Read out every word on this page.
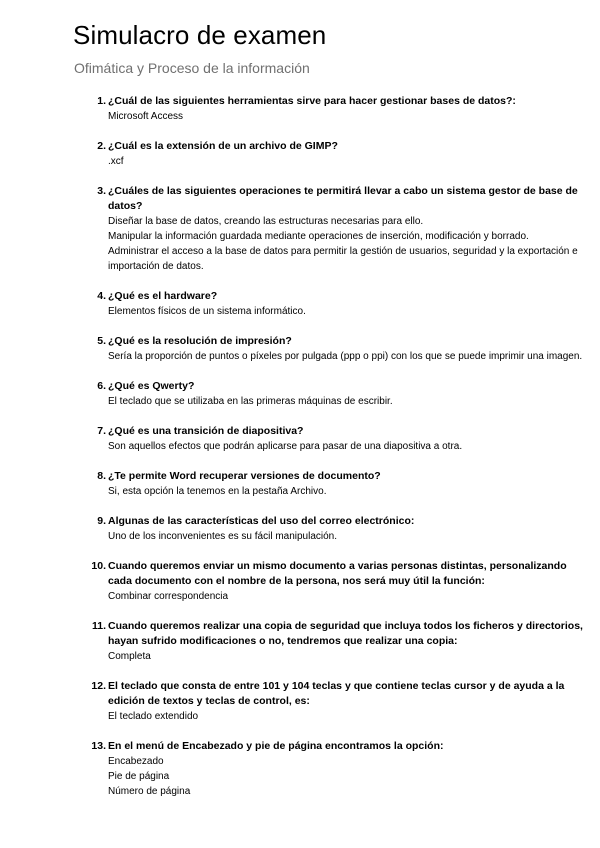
Simulacro de examen
Ofimática y Proceso de la información
1. ¿Cuál de las siguientes herramientas sirve para hacer gestionar bases de datos?:

Microsoft Access

2. ¿Cuál es la extensión de un archivo de GIMP?

.xcf

3. ¿Cuáles de las siguientes operaciones te permitirá llevar a cabo un sistema gestor de base de datos?

Diseñar la base de datos, creando las estructuras necesarias para ello.

Manipular la información guardada mediante operaciones de inserción, modificación y borrado.

Administrar el acceso a la base de datos para permitir la gestión de usuarios, seguridad y la exportación e importación de datos.

4. ¿Qué es el hardware?

Elementos físicos de un sistema informático.

5. ¿Qué es la resolución de impresión?

Sería la proporción de puntos o píxeles por pulgada (ppp o ppi) con los que se puede imprimir una imagen.

6. ¿Qué es Qwerty?

El teclado que se utilizaba en las primeras máquinas de escribir.

7. ¿Qué es una transición de diapositiva?

Son aquellos efectos que podrán aplicarse para pasar de una diapositiva a otra.

8. ¿Te permite Word recuperar versiones de documento?

Si, esta opción la tenemos en la pestaña Archivo.

9. Algunas de las características del uso del correo electrónico:

Uno de los inconvenientes es su fácil manipulación.

10. Cuando queremos enviar un mismo documento a varias personas distintas, personalizando cada documento con el nombre de la persona, nos será muy útil la función:

Combinar correspondencia

11. Cuando queremos realizar una copia de seguridad que incluya todos los ficheros y directorios, hayan sufrido modificaciones o no, tendremos que realizar una copia:

Completa

12. El teclado que consta de entre 101 y 104 teclas y que contiene teclas cursor y de ayuda a la edición de textos y teclas de control, es:

El teclado extendido

13. En el menú de Encabezado y pie de página encontramos la opción:

Encabezado

Pie de página

Número de página
